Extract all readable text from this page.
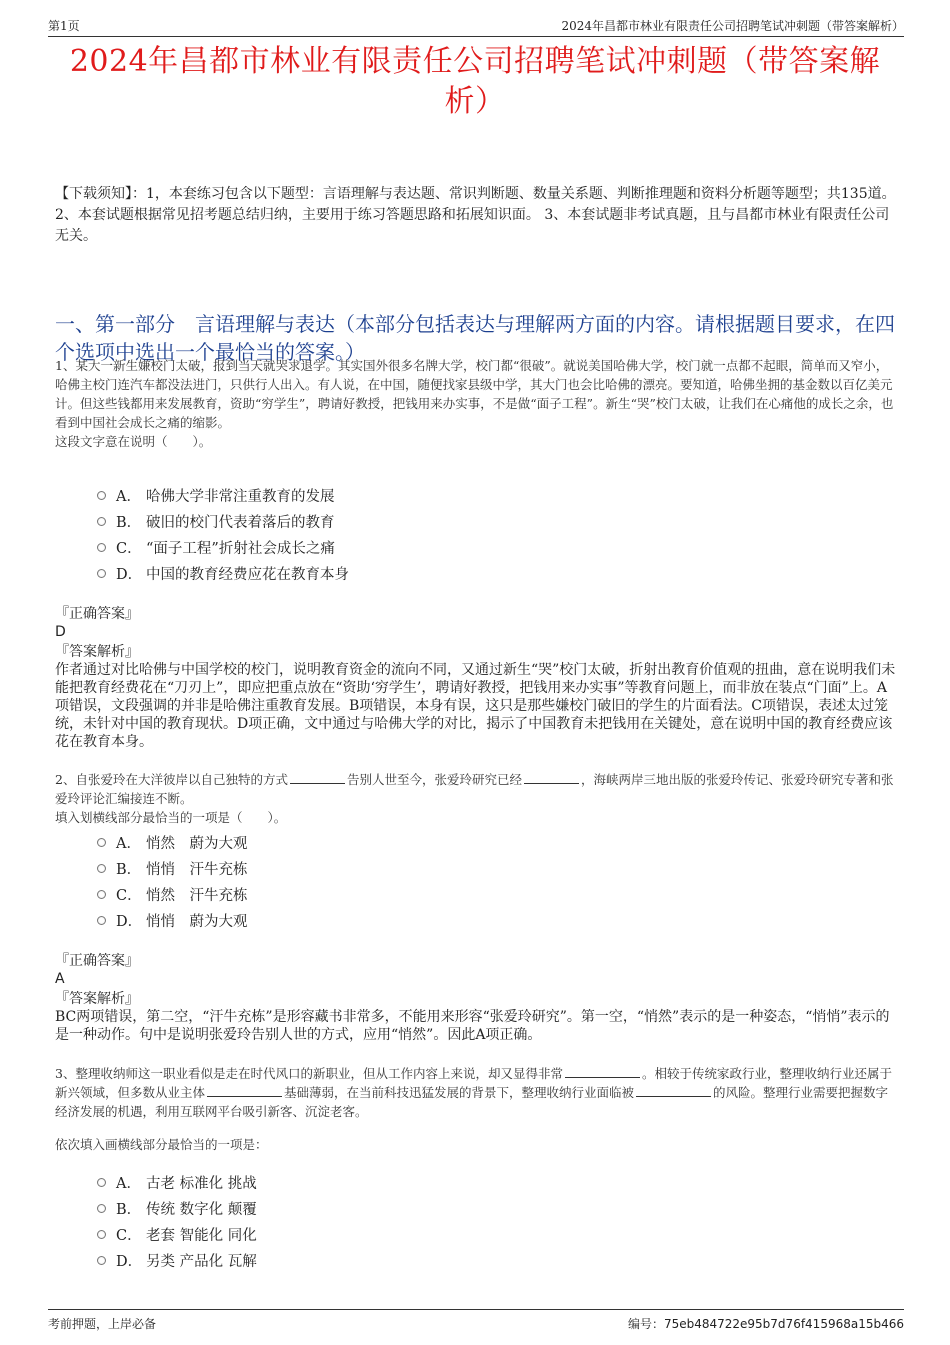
第1页	2024年昌都市林业有限责任公司招聘笔试冲刺题（带答案解析）
2024年昌都市林业有限责任公司招聘笔试冲刺题（带答案解析）
【下载须知】：1，本套练习包含以下题型：言语理解与表达题、常识判断题、数量关系题、判断推理题和资料分析题等题型；共135道。 2、本套试题根据常见招考题总结归纳，主要用于练习答题思路和拓展知识面。 3、本套试题非考试真题，且与昌都市林业有限责任公司无关。
一、第一部分　言语理解与表达（本部分包括表达与理解两方面的内容。请根据题目要求，在四个选项中选出一个最恰当的答案。）
1、某大一新生嫌校门太破，报到当天就哭求退学。其实国外很多名牌大学，校门都“很破”。就说美国哈佛大学，校门就一点都不起眼，简单而又窄小，哈佛主校门连汽车都没法进门，只供行人出入。有人说，在中国，随便找家县级中学，其大门也会比哈佛的漂亮。要知道，哈佛坐拥的基金数以百亿美元计。但这些钱都用来发展教育，资助“穷学生”，聘请好教授，把钱用来办实事，不是做“面子工程”。新生“哭”校门太破，让我们在心痛他的成长之余，也看到中国社会成长之痛的缩影。
这段文字意在说明（　　）。
A． 哈佛大学非常注重教育的发展
B． 破旧的校门代表着落后的教育
C． “面子工程”折射社会成长之痛
D． 中国的教育经费应花在教育本身
『正确答案』
D
『答案解析』
作者通过对比哈佛与中国学校的校门，说明教育资金的流向不同，又通过新生“哭”校门太破，折射出教育价值观的扭曲，意在说明我们未能把教育经费花在“刀刃上”，即应把重点放在“资助‘穷学生’，聘请好教授，把钱用来办实事”等教育问题上，而非放在装点“门面”上。A项错误，文段强调的并非是哈佛注重教育发展。B项错误，本身有误，这只是那些嫌校门破旧的学生的片面看法。C项错误，表述太过笼统，未针对中国的教育现状。D项正确，文中通过与哈佛大学的对比，揭示了中国教育未把钱用在关键处，意在说明中国的教育经费应该花在教育本身。
2、自张爱玲在大洋彼岸以自己独特的方式	告别人世至今，张爱玲研究已经	，海峡两岸三地出版的张爱玲传记、张爱玲研究专著和张爱玲评论汇编接连不断。
填入划横线部分最恰当的一项是（　　）。
A． 悄然　蔚为大观
B． 悄悄　汗牛充栋
C． 悄然　汗牛充栋
D． 悄悄　蔚为大观
『正确答案』
A
『答案解析』
BC两项错误，第二空，“汗牛充栋”是形容藏书非常多，不能用来形容“张爱玲研究”。第一空，“悄然”表示的是一种姿态，“悄悄”表示的是一种动作。句中是说明张爱玲告别人世的方式，应用“悄然”。因此A项正确。
3、整理收纳师这一职业看似是走在时代风口的新职业，但从工作内容上来说，却又显得非常	。相较于传统家政行业，整理收纳行业还属于新兴领域，但多数从业主体	基础薄弱，在当前科技迅猛发展的背景下，整理收纳行业面临被	的风险。整理行业需要把握数字经济发展的机遇，利用互联网平台吸引新客、沉淀老客。
依次填入画横线部分最恰当的一项是：
A． 古老 标准化 挑战
B． 传统 数字化 颠覆
C． 老套 智能化 同化
D． 另类 产品化 瓦解
考前押题，上岸必备	编号：75eb484722e95b7d76f415968a15b466
